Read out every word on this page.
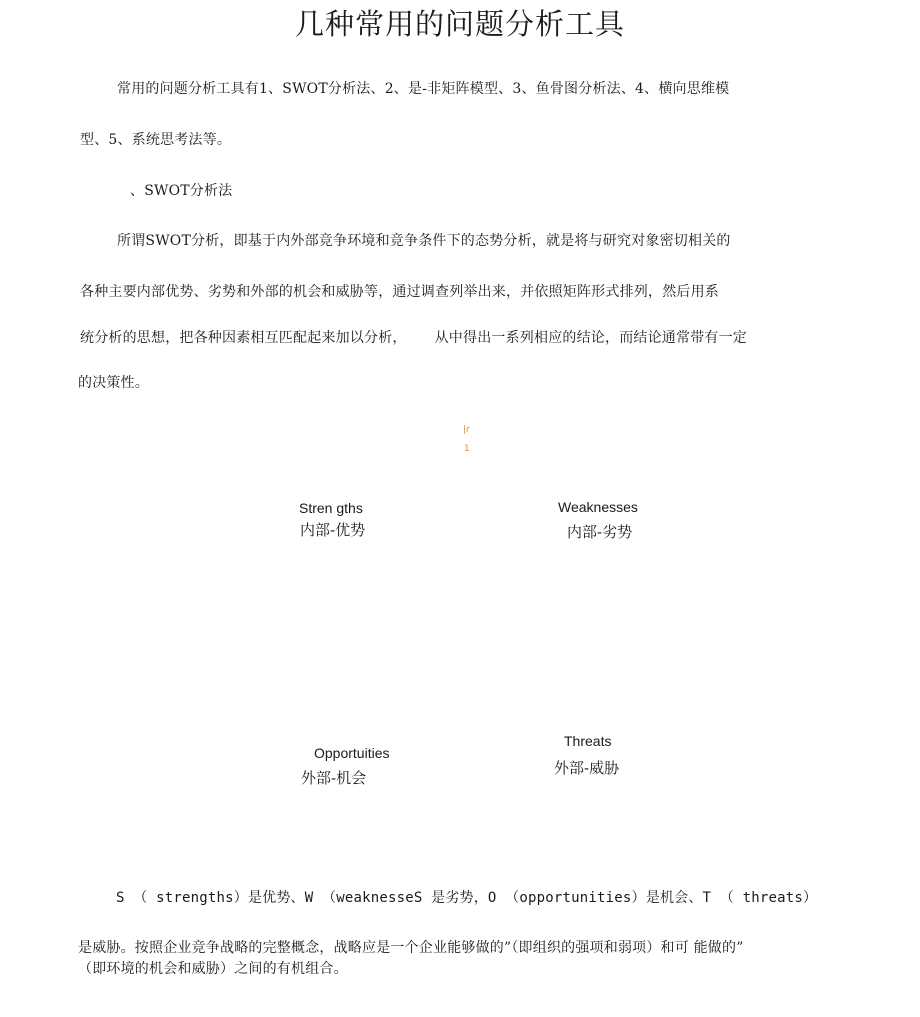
几种常用的问题分析工具
常用的问题分析工具有1、SWOT分析法、2、是-非矩阵模型、3、鱼骨图分析法、4、横向思维模
型、5、系统思考法等。
、SWOT分析法
所谓SWOT分析，即基于内外部竞争环境和竞争条件下的态势分析，就是将与研究对象密切相关的
各种主要内部优势、劣势和外部的机会和威胁等，通过调查列举出来，并依照矩阵形式排列，然后用系
统分析的思想，把各种因素相互匹配起来加以分析， 从中得出一系列相应的结论，而结论通常带有一定
的决策性。
|r
1
Stren gths
内部-优势
Weaknesses
内部-劣势
Opportuities
外部-机会
Threats
外部-威胁
S （ strengths）是优势、W （weaknesseS 是劣势，O （opportunities）是机会、T （ threats）
是威胁。按照企业竞争战略的完整概念，战略应是一个企业能够做的”（即组织的强项和弱项）和可 能做的”
（即环境的机会和威胁）之间的有机组合。
